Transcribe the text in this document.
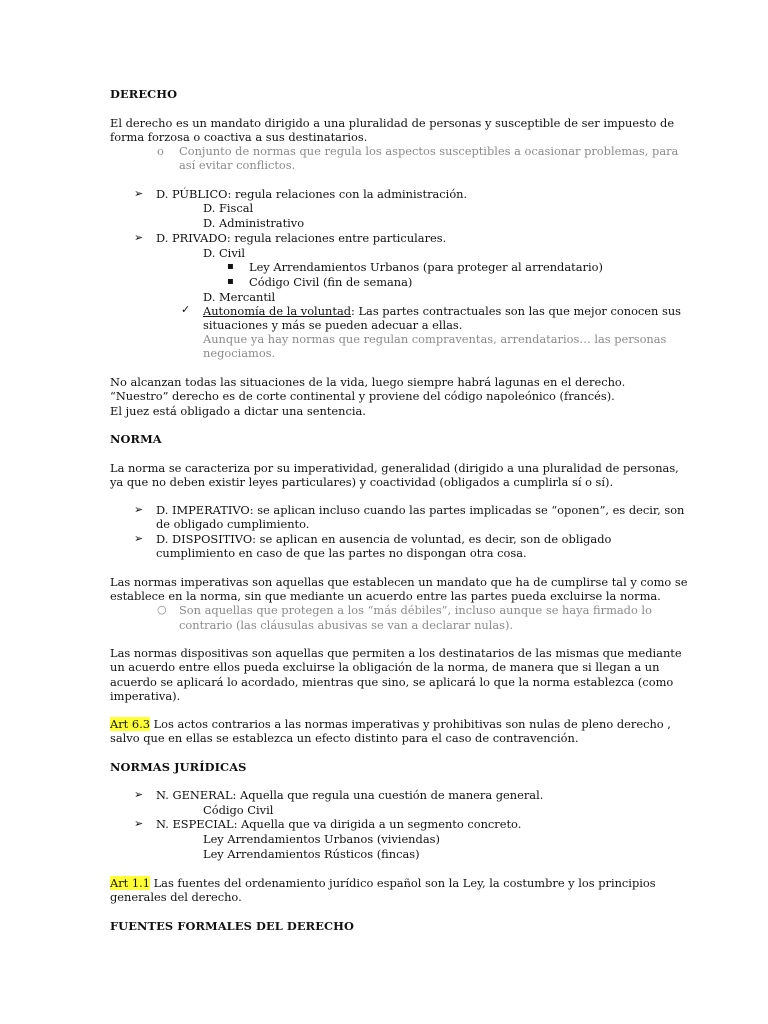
DERECHO
El derecho es un mandato dirigido a una pluralidad de personas y susceptible de ser impuesto de
forma forzosa o coactiva a sus destinatarios.
o Conjunto de normas que regula los aspectos susceptibles a ocasionar problemas, para
así evitar conflictos.
➢ D. PÚBLICO: regula relaciones con la administración.
D. Fiscal
D. Administrativo
➢ D. PRIVADO: regula relaciones entre particulares.
D. Civil
▪ Ley Arrendamientos Urbanos (para proteger al arrendatario)
▪ Código Civil (fin de semana)
D. Mercantil
✓ Autonomía de la voluntad: Las partes contractuales son las que mejor conocen sus
situaciones y más se pueden adecuar a ellas.
Aunque ya hay normas que regulan compraventas, arrendatarios… las personas
negociamos.
No alcanzan todas las situaciones de la vida, luego siempre habrá lagunas en el derecho.
“Nuestro” derecho es de corte continental y proviene del código napoleónico (francés).
El juez está obligado a dictar una sentencia.
NORMA
La norma se caracteriza por su imperatividad, generalidad (dirigido a una pluralidad de personas,
ya que no deben existir leyes particulares) y coactividad (obligados a cumplirla sí o sí).
➢ D. IMPERATIVO: se aplican incluso cuando las partes implicadas se “oponen”, es decir, son
de obligado cumplimiento.
➢ D. DISPOSITIVO: se aplican en ausencia de voluntad, es decir, son de obligado
cumplimiento en caso de que las partes no dispongan otra cosa.
Las normas imperativas son aquellas que establecen un mandato que ha de cumplirse tal y como se
establece en la norma, sin que mediante un acuerdo entre las partes pueda excluirse la norma.
○ Son aquellas que protegen a los “más débiles”, incluso aunque se haya firmado lo
contrario (las cláusulas abusivas se van a declarar nulas).
Las normas dispositivas son aquellas que permiten a los destinatarios de las mismas que mediante
un acuerdo entre ellos pueda excluirse la obligación de la norma, de manera que si llegan a un
acuerdo se aplicará lo acordado, mientras que sino, se aplicará lo que la norma establezca (como
imperativa).
Art 6.3 Los actos contrarios a las normas imperativas y prohibitivas son nulas de pleno derecho ,
salvo que en ellas se establezca un efecto distinto para el caso de contravención.
NORMAS JURÍDICAS
➢ N. GENERAL: Aquella que regula una cuestión de manera general.
Código Civil
➢ N. ESPECIAL: Aquella que va dirigida a un segmento concreto.
Ley Arrendamientos Urbanos (viviendas)
Ley Arrendamientos Rústicos (fincas)
Art 1.1 Las fuentes del ordenamiento jurídico español son la Ley, la costumbre y los principios
generales del derecho.
FUENTES FORMALES DEL DERECHO
